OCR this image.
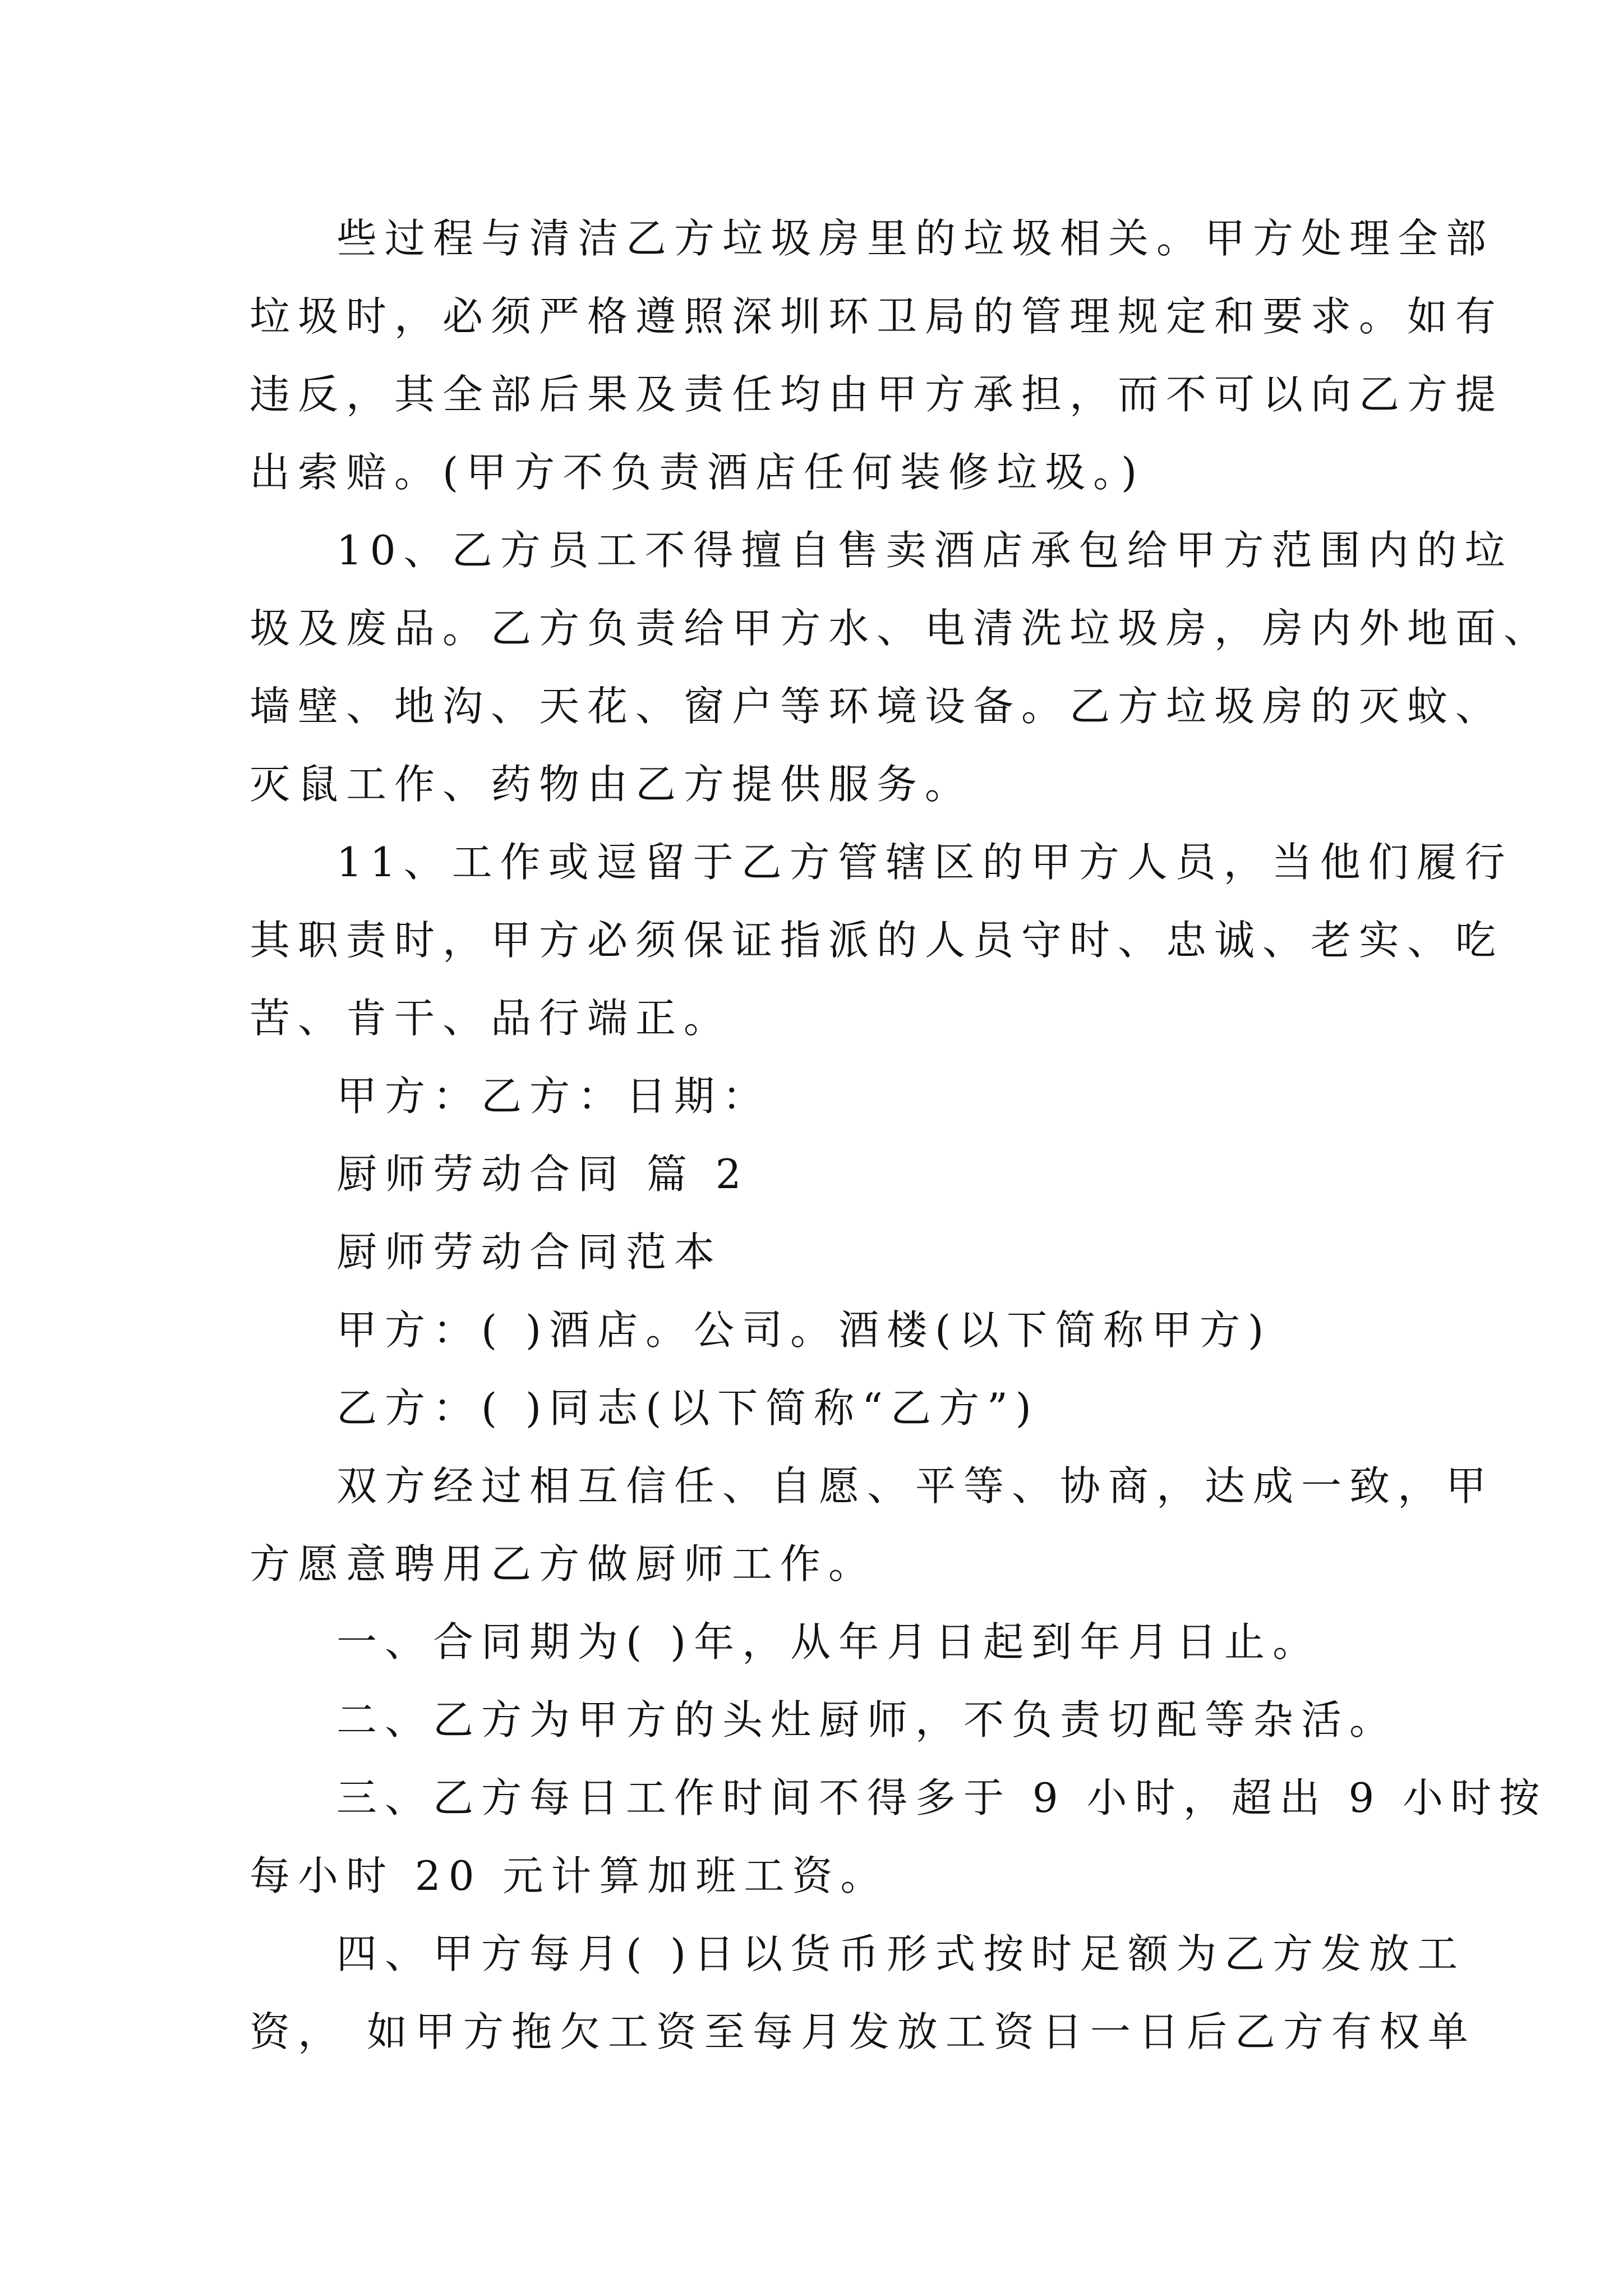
些过程与清洁乙方垃圾房里的垃圾相关。甲方处理全部
垃圾时，必须严格遵照深圳环卫局的管理规定和要求。如有
违反，其全部后果及责任均由甲方承担，而不可以向乙方提
出索赔。(甲方不负责酒店任何装修垃圾。)
10、乙方员工不得擅自售卖酒店承包给甲方范围内的垃
圾及废品。乙方负责给甲方水、电清洗垃圾房，房内外地面、
墙壁、地沟、天花、窗户等环境设备。乙方垃圾房的灭蚊、
灭鼠工作、药物由乙方提供服务。
11、工作或逗留于乙方管辖区的甲方人员，当他们履行
其职责时，甲方必须保证指派的人员守时、忠诚、老实、吃
苦、肯干、品行端正。
甲方：乙方：日期：
厨师劳动合同 篇 2
厨师劳动合同范本
甲方：( )酒店。公司。酒楼(以下简称甲方)
乙方：( )同志(以下简称“乙方”)
双方经过相互信任、自愿、平等、协商，达成一致，甲
方愿意聘用乙方做厨师工作。
一、合同期为( )年，从年月日起到年月日止。
二、乙方为甲方的头灶厨师，不负责切配等杂活。
三、乙方每日工作时间不得多于 9 小时，超出 9 小时按
每小时 20 元计算加班工资。
四、甲方每月( )日以货币形式按时足额为乙方发放工
资， 如甲方拖欠工资至每月发放工资日一日后乙方有权单
